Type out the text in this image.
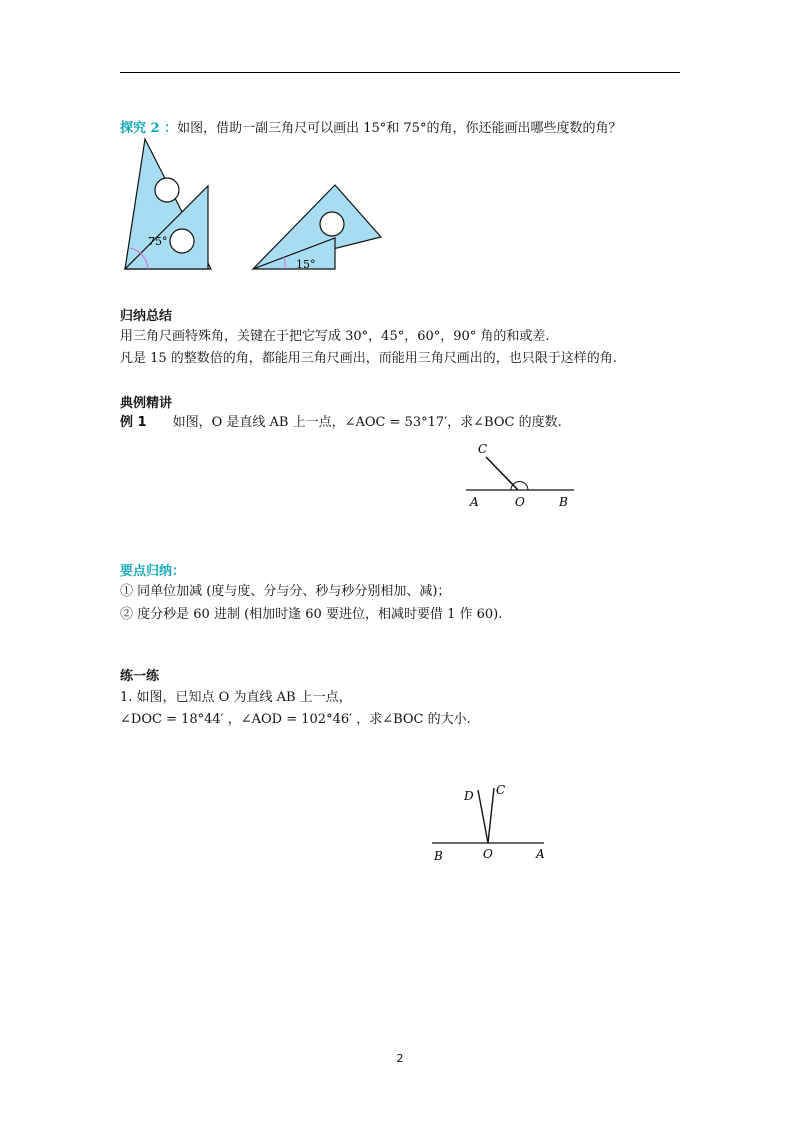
探究 2 ：如图，借助一副三角尺可以画出 15°和 75°的角，你还能画出哪些度数的角？
75°
15°
归纳总结
用三角尺画特殊角，关键在于把它写成 30°，45°，60°，90° 角的和或差.
凡是 15 的整数倍的角，都能用三角尺画出，而能用三角尺画出的，也只限于这样的角.
典例精讲
例 1 如图，O 是直线 AB 上一点，∠AOC = 53°17′，求∠BOC 的度数.
C
A	O	B
要点归纳：
① 同单位加减 (度与度、分与分、秒与秒分别相加、减)；
② 度分秒是 60 进制 (相加时逢 60 要进位，相减时要借 1 作 60).
练一练
1. 如图，已知点 O 为直线 AB 上一点，
∠DOC = 18°44′ ，∠AOD = 102°46′ ，求∠BOC 的大小.
D C
B	O	A
2
